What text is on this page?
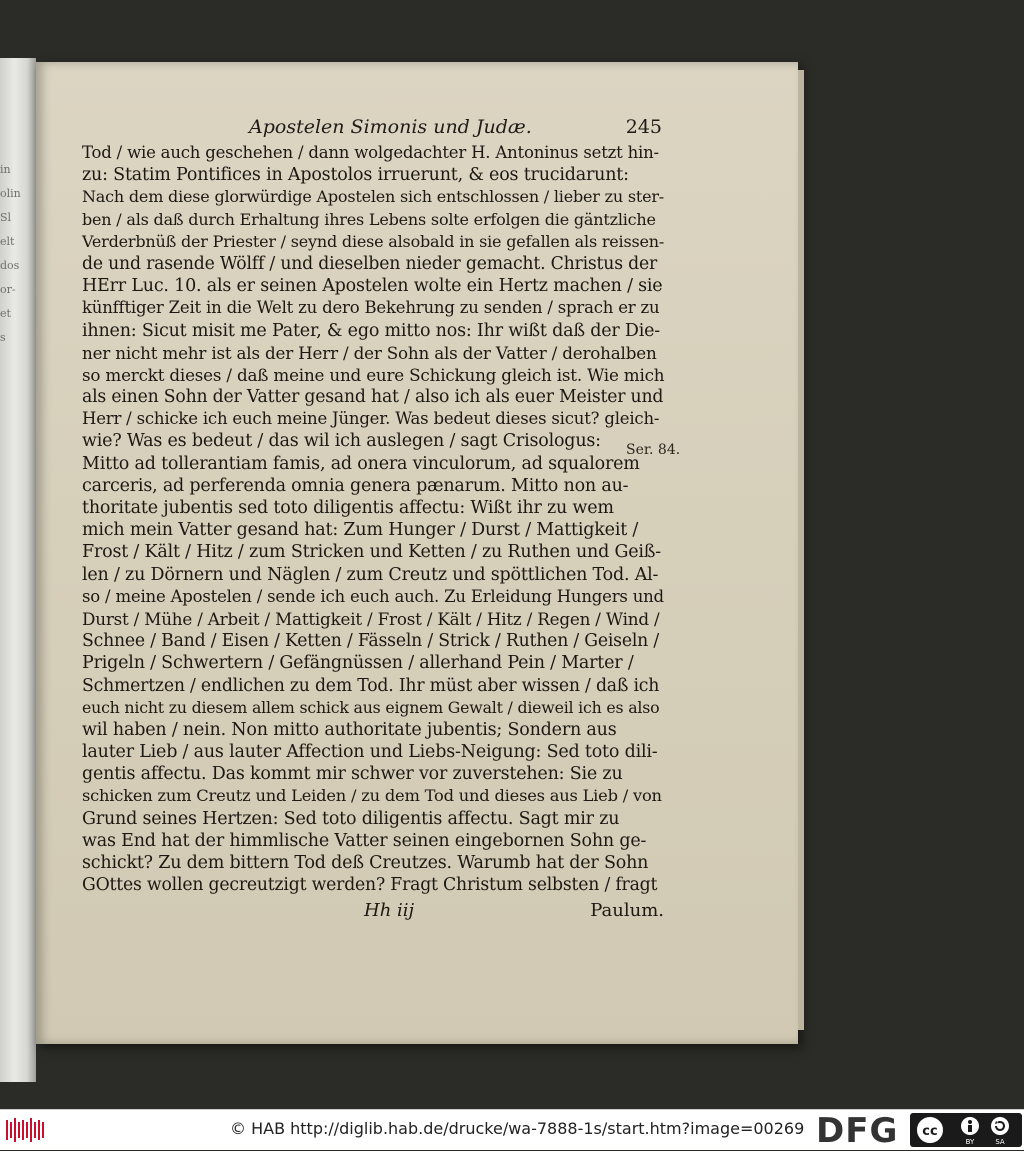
in
olin
Sl
elt
dos
or-
et
s
Apostelen Simonis und Judæ.	245
Tod / wie auch geschehen / dann wolgedachter H. Antoninus setzt hin-
zu: Statim Pontifices in Apostolos irruerunt, & eos trucidarunt:
Nach dem diese glorwürdige Apostelen sich entschlossen / lieber zu ster-
ben / als daß durch Erhaltung ihres Lebens solte erfolgen die gäntzliche
Verderbnüß der Priester / seynd diese alsobald in sie gefallen als reissen-
de und rasende Wölff / und dieselben nieder gemacht. Christus der
HErr Luc. 10. als er seinen Apostelen wolte ein Hertz machen / sie
künfftiger Zeit in die Welt zu dero Bekehrung zu senden / sprach er zu
ihnen: Sicut misit me Pater, & ego mitto nos: Ihr wißt daß der Die-
ner nicht mehr ist als der Herr / der Sohn als der Vatter / derohalben
so merckt dieses / daß meine und eure Schickung gleich ist. Wie mich
als einen Sohn der Vatter gesand hat / also ich als euer Meister und
Herr / schicke ich euch meine Jünger. Was bedeut dieses sicut? gleich-
wie? Was es bedeut / das wil ich auslegen / sagt Crisologus:
Mitto ad tollerantiam famis, ad onera vinculorum, ad squalorem
carceris, ad perferenda omnia genera pænarum. Mitto non au-
thoritate jubentis sed toto diligentis affectu: Wißt ihr zu wem
mich mein Vatter gesand hat: Zum Hunger / Durst / Mattigkeit /
Frost / Kält / Hitz / zum Stricken und Ketten / zu Ruthen und Geiß-
len / zu Dörnern und Näglen / zum Creutz und spöttlichen Tod. Al-
so / meine Apostelen / sende ich euch auch. Zu Erleidung Hungers und
Durst / Mühe / Arbeit / Mattigkeit / Frost / Kält / Hitz / Regen / Wind /
Schnee / Band / Eisen / Ketten / Fässeln / Strick / Ruthen / Geiseln /
Prigeln / Schwertern / Gefängnüssen / allerhand Pein / Marter /
Schmertzen / endlichen zu dem Tod. Ihr müst aber wissen / daß ich
euch nicht zu diesem allem schick aus eignem Gewalt / dieweil ich es also
wil haben / nein. Non mitto authoritate jubentis; Sondern aus
lauter Lieb / aus lauter Affection und Liebs-Neigung: Sed toto dili-
gentis affectu. Das kommt mir schwer vor zuverstehen: Sie zu
schicken zum Creutz und Leiden / zu dem Tod und dieses aus Lieb / von
Grund seines Hertzen: Sed toto diligentis affectu. Sagt mir zu
was End hat der himmlische Vatter seinen eingebornen Sohn ge-
schickt? Zu dem bittern Tod deß Creutzes. Warumb hat der Sohn
GOttes wollen gecreutzigt werden? Fragt Christum selbsten / fragt
Ser. 84.
Hh iij	Paulum.
© HAB http://diglib.hab.de/drucke/wa-7888-1s/start.htm?image=00269 DFG cc
BY	SA
